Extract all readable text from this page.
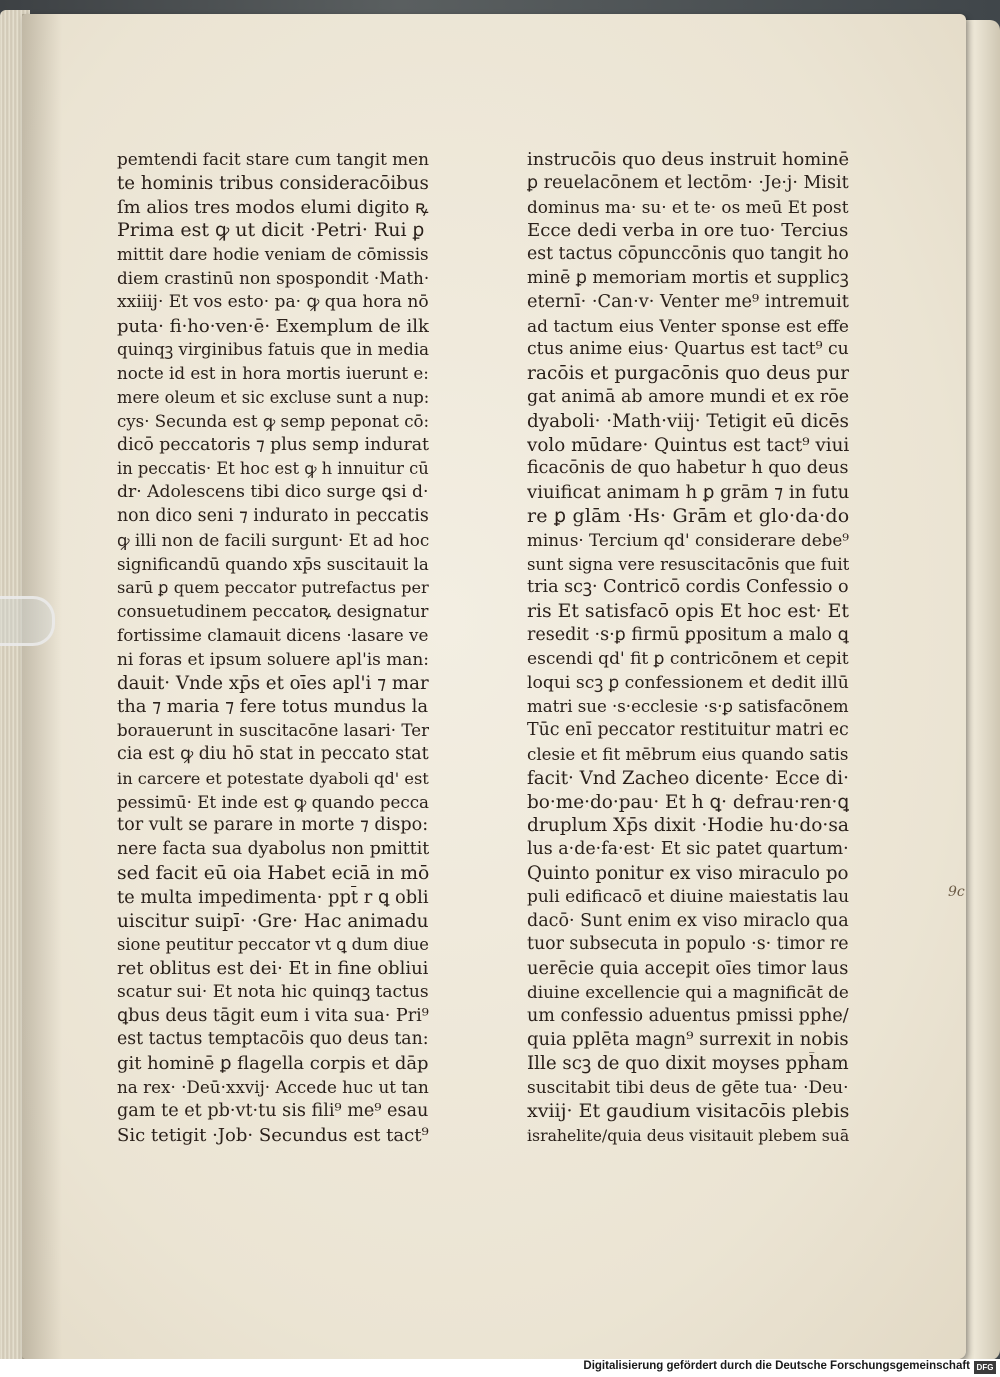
pemtendi facit stare cum tangit men
te hominis tribus consideracōibus
ſm alios tres modos elumi digito ꝶ
Prima est ꝙ ut dicit ·Petri· Rui ꝑ
mittit dare hodie veniam de cōmissis
diem crastinū non spospondit ·Math·
xxiiij· Et vos esto· pa· ꝙ qua hora nō
puta· fi·ho·ven·ē· Exemplum de ilk
quinqꝫ virginibus fatuis que in media
nocte id est in hora mortis iuerunt e:
mere oleum et sic excluse sunt a nup:
cys· Secunda est ꝙ semp peponat cō:
dicō peccatoris ⁊ plus semp indurat
in peccatis· Et hoc est ꝙ h innuitur cū
dr· Adolescens tibi dico surge ꝗsi d·
non dico seni ⁊ indurato in peccatis
ꝙ illi non de facili surgunt· Et ad hoc
significandū quando xp̄s suscitauit la
sarū ꝑ quem peccator putrefactus per
consuetudinem peccatoꝶ designatur
fortissime clamauit dicens ·lasare ve
ni foras et ipsum soluere apl'is man:
dauit· Vnde xp̄s et oīes apl'i ⁊ mar
tha ⁊ maria ⁊ fere totus mundus la
borauerunt in suscitacōne lasari· Ter
cia est ꝙ diu hō stat in peccato stat
in carcere et potestate dyaboli qd' est
pessimū· Et inde est ꝙ quando pecca
tor vult se parare in morte ⁊ dispo:
nere facta sua dyabolus non pmittit
sed facit eū oia Habet eciā in mō
te multa impedimenta· ppt̄ r ꝗ obli
uiscitur suipī· ·Gre· Hac animadu
sione peutitur peccator vt ꝗ dum diue
ret oblitus est dei· Et in fine obliui
scatur sui· Et nota hic quinqꝫ tactus
ꝗbus deus tāgit eum i vita sua· Pri⁹
est tactus temptacōis quo deus tan:
git hominē ꝑ flagella corpis et dāp
na rex· ·Deū·xxvij· Accede huc ut tan
gam te et pb·vt·tu sis fili⁹ me⁹ esau
Sic tetigit ·Job· Secundus est tact⁹
instrucōis quo deus instruit hominē
ꝑ reuelacōnem et lectōm· ·Je·j· Misit
dominus ma· su· et te· os meū Et post
Ecce dedi verba in ore tuo· Tercius
est tactus cōpunccōnis quo tangit ho
minē ꝑ memoriam mortis et supplicꝫ
eternī· ·Can·v· Venter me⁹ intremuit
ad tactum eius Venter sponse est effe
ctus anime eius· Quartus est tact⁹ cu
racōis et purgacōnis quo deus pur
gat animā ab amore mundi et ex rōe
dyaboli· ·Math·viij· Tetigit eū dicēs
volo mūdare· Quintus est tact⁹ viui
ficacōnis de quo habetur h quo deus
viuificat animam h ꝑ grām ⁊ in futu
re ꝑ glām ·Hs· Grām et glo·da·do
minus· Tercium qd' considerare debe⁹
sunt signa vere resuscitacōnis que fuit
tria scꝫ· Contricō cordis Confessio o
ris Et satisfacō opis Et hoc est· Et
resedit ·s·ꝑ firmū ꝑpositum a malo ꝗ
escendi qd' fit ꝑ contricōnem et cepit
loqui scꝫ ꝑ confessionem et dedit illū
matri sue ·s·ecclesie ·s·ꝑ satisfacōnem
Tūc enī peccator restituitur matri ec
clesie et fit mēbrum eius quando satis
facit· Vnd Zacheo dicente· Ecce di·
bo·me·do·pau· Et h ꝗ· defrau·ren·ꝗ
druplum Xp̄s dixit ·Hodie hu·do·sa
lus a·de·fa·est· Et sic patet quartum·
Quinto ponitur ex viso miraculo po
puli edificacō et diuine maiestatis lau
dacō· Sunt enim ex viso miraclo qua
tuor subsecuta in populo ·s· timor re
uerēcie quia accepit oīes timor laus
diuine excellencie qui a magnificāt de
um confessio aduentus pmissi pphe/
quia pplēta magn⁹ surrexit in nobis
Ille scꝫ de quo dixit moyses pph̄am
suscitabit tibi deus de gēte tua· ·Deu·
xviij· Et gaudium visitacōis plebis
israhelite/quia deus visitauit plebem suā
9c
Digitalisierung gefördert durch die Deutsche Forschungsgemeinschaft DFG
